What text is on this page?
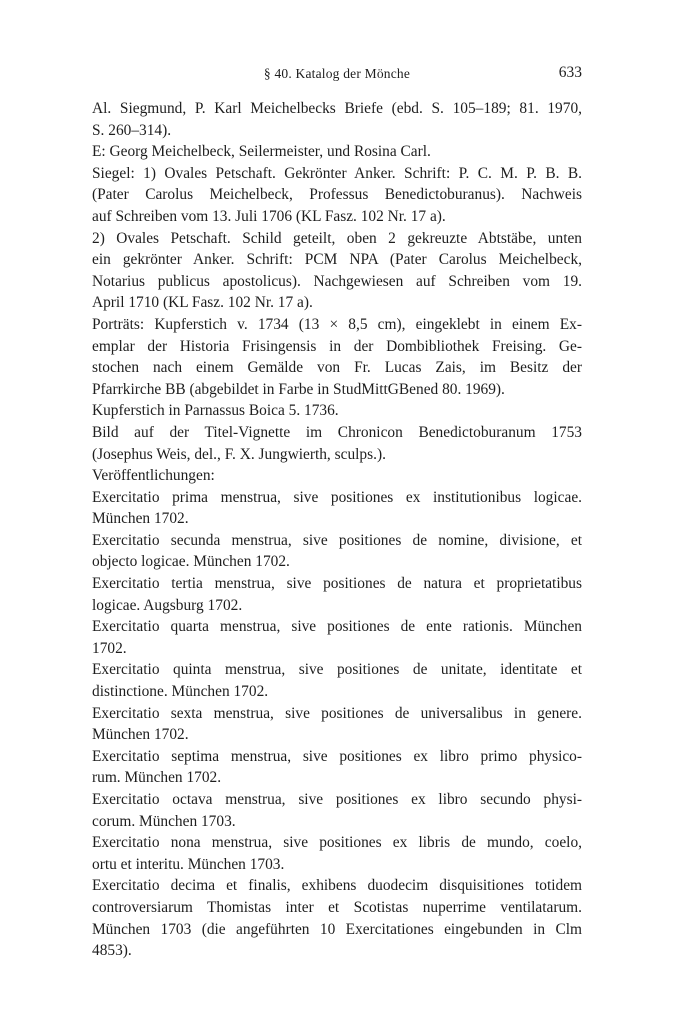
§ 40. Katalog der Mönche	633
Al. Siegmund, P. Karl Meichelbecks Briefe (ebd. S. 105–189; 81. 1970,
S. 260–314).
E: Georg Meichelbeck, Seilermeister, und Rosina Carl.
Siegel: 1) Ovales Petschaft. Gekrönter Anker. Schrift: P. C. M. P. B. B.
(Pater Carolus Meichelbeck, Professus Benedictoburanus). Nachweis
auf Schreiben vom 13. Juli 1706 (KL Fasz. 102 Nr. 17 a).
2) Ovales Petschaft. Schild geteilt, oben 2 gekreuzte Abtstäbe, unten
ein gekrönter Anker. Schrift: PCM NPA (Pater Carolus Meichelbeck,
Notarius publicus apostolicus). Nachgewiesen auf Schreiben vom 19.
April 1710 (KL Fasz. 102 Nr. 17 a).
Porträts: Kupferstich v. 1734 (13 × 8,5 cm), eingeklebt in einem Ex-
emplar der Historia Frisingensis in der Dombibliothek Freising. Ge-
stochen nach einem Gemälde von Fr. Lucas Zais, im Besitz der
Pfarrkirche BB (abgebildet in Farbe in StudMittGBened 80. 1969).
Kupferstich in Parnassus Boica 5. 1736.
Bild auf der Titel-Vignette im Chronicon Benedictoburanum 1753
(Josephus Weis, del., F. X. Jungwierth, sculps.).
Veröffentlichungen:
Exercitatio prima menstrua, sive positiones ex institutionibus logicae.
München 1702.
Exercitatio secunda menstrua, sive positiones de nomine, divisione, et
objecto logicae. München 1702.
Exercitatio tertia menstrua, sive positiones de natura et proprietatibus
logicae. Augsburg 1702.
Exercitatio quarta menstrua, sive positiones de ente rationis. München
1702.
Exercitatio quinta menstrua, sive positiones de unitate, identitate et
distinctione. München 1702.
Exercitatio sexta menstrua, sive positiones de universalibus in genere.
München 1702.
Exercitatio septima menstrua, sive positiones ex libro primo physico-
rum. München 1702.
Exercitatio octava menstrua, sive positiones ex libro secundo physi-
corum. München 1703.
Exercitatio nona menstrua, sive positiones ex libris de mundo, coelo,
ortu et interitu. München 1703.
Exercitatio decima et finalis, exhibens duodecim disquisitiones totidem
controversiarum Thomistas inter et Scotistas nuperrime ventilatarum.
München 1703 (die angeführten 10 Exercitationes eingebunden in Clm
4853).
